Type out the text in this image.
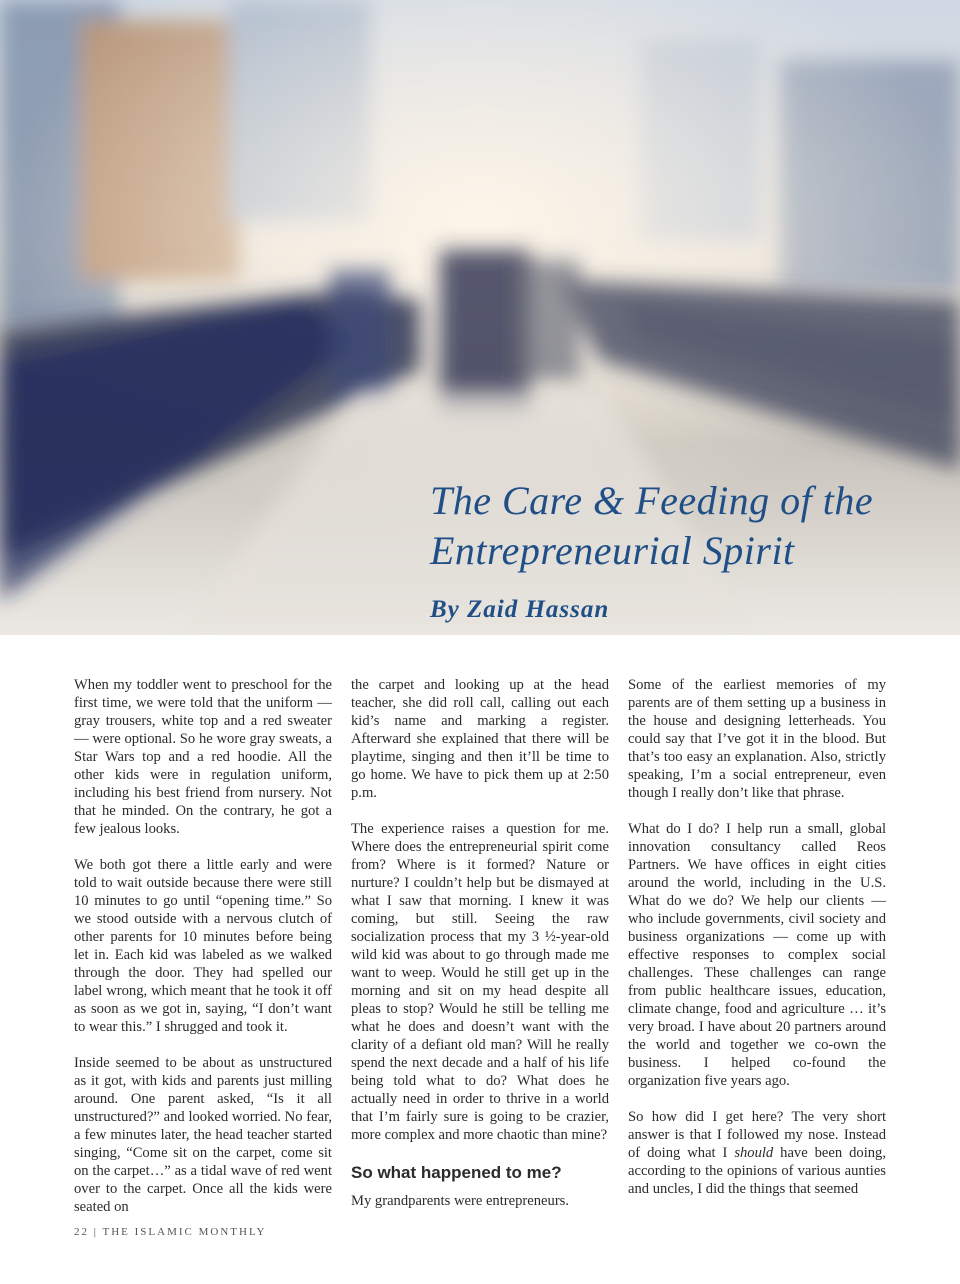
The Care & Feeding of the Entrepreneurial Spirit
By Zaid Hassan

When my toddler went to preschool for the first time, we were told that the uniform — gray trousers, white top and a red sweater — were optional. So he wore gray sweats, a Star Wars top and a red hoodie. All the other kids were in regulation uniform, including his best friend from nursery. Not that he minded. On the contrary, he got a few jealous looks.

We both got there a little early and were told to wait outside because there were still 10 minutes to go until “opening time.” So we stood outside with a nervous clutch of other parents for 10 minutes before being let in. Each kid was labeled as we walked through the door. They had spelled our label wrong, which meant that he took it off as soon as we got in, saying, “I don’t want to wear this.” I shrugged and took it.

Inside seemed to be about as unstructured as it got, with kids and parents just milling around. One parent asked, “Is it all unstructured?” and looked worried. No fear, a few minutes later, the head teacher started singing, “Come sit on the carpet, come sit on the carpet…” as a tidal wave of red went over to the carpet. Once all the kids were seated on

the carpet and looking up at the head teacher, she did roll call, calling out each kid’s name and marking a register. Afterward she explained that there will be playtime, singing and then it’ll be time to go home. We have to pick them up at 2:50 p.m.

The experience raises a question for me. Where does the entrepreneurial spirit come from? Where is it formed? Nature or nurture? I couldn’t help but be dismayed at what I saw that morning. I knew it was coming, but still. Seeing the raw socialization process that my 3 ½-year-old wild kid was about to go through made me want to weep. Would he still get up in the morning and sit on my head despite all pleas to stop? Would he still be telling me what he does and doesn’t want with the clarity of a defiant old man? Will he really spend the next decade and a half of his life being told what to do? What does he actually need in order to thrive in a world that I’m fairly sure is going to be crazier, more complex and more chaotic than mine?

So what happened to me?

My grandparents were entrepreneurs.

Some of the earliest memories of my parents are of them setting up a business in the house and designing letterheads. You could say that I’ve got it in the blood. But that’s too easy an explanation. Also, strictly speaking, I’m a social entrepreneur, even though I really don’t like that phrase.

What do I do? I help run a small, global innovation consultancy called Reos Partners. We have offices in eight cities around the world, including in the U.S. What do we do? We help our clients — who include governments, civil society and business organizations — come up with effective responses to complex social challenges. These challenges can range from public healthcare issues, education, climate change, food and agriculture … it’s very broad. I have about 20 partners around the world and together we co-own the business. I helped co-found the organization five years ago.

So how did I get here? The very short answer is that I followed my nose. Instead of doing what I should have been doing, according to the opinions of various aunties and uncles, I did the things that seemed

22 | THE ISLAMIC MONTHLY
